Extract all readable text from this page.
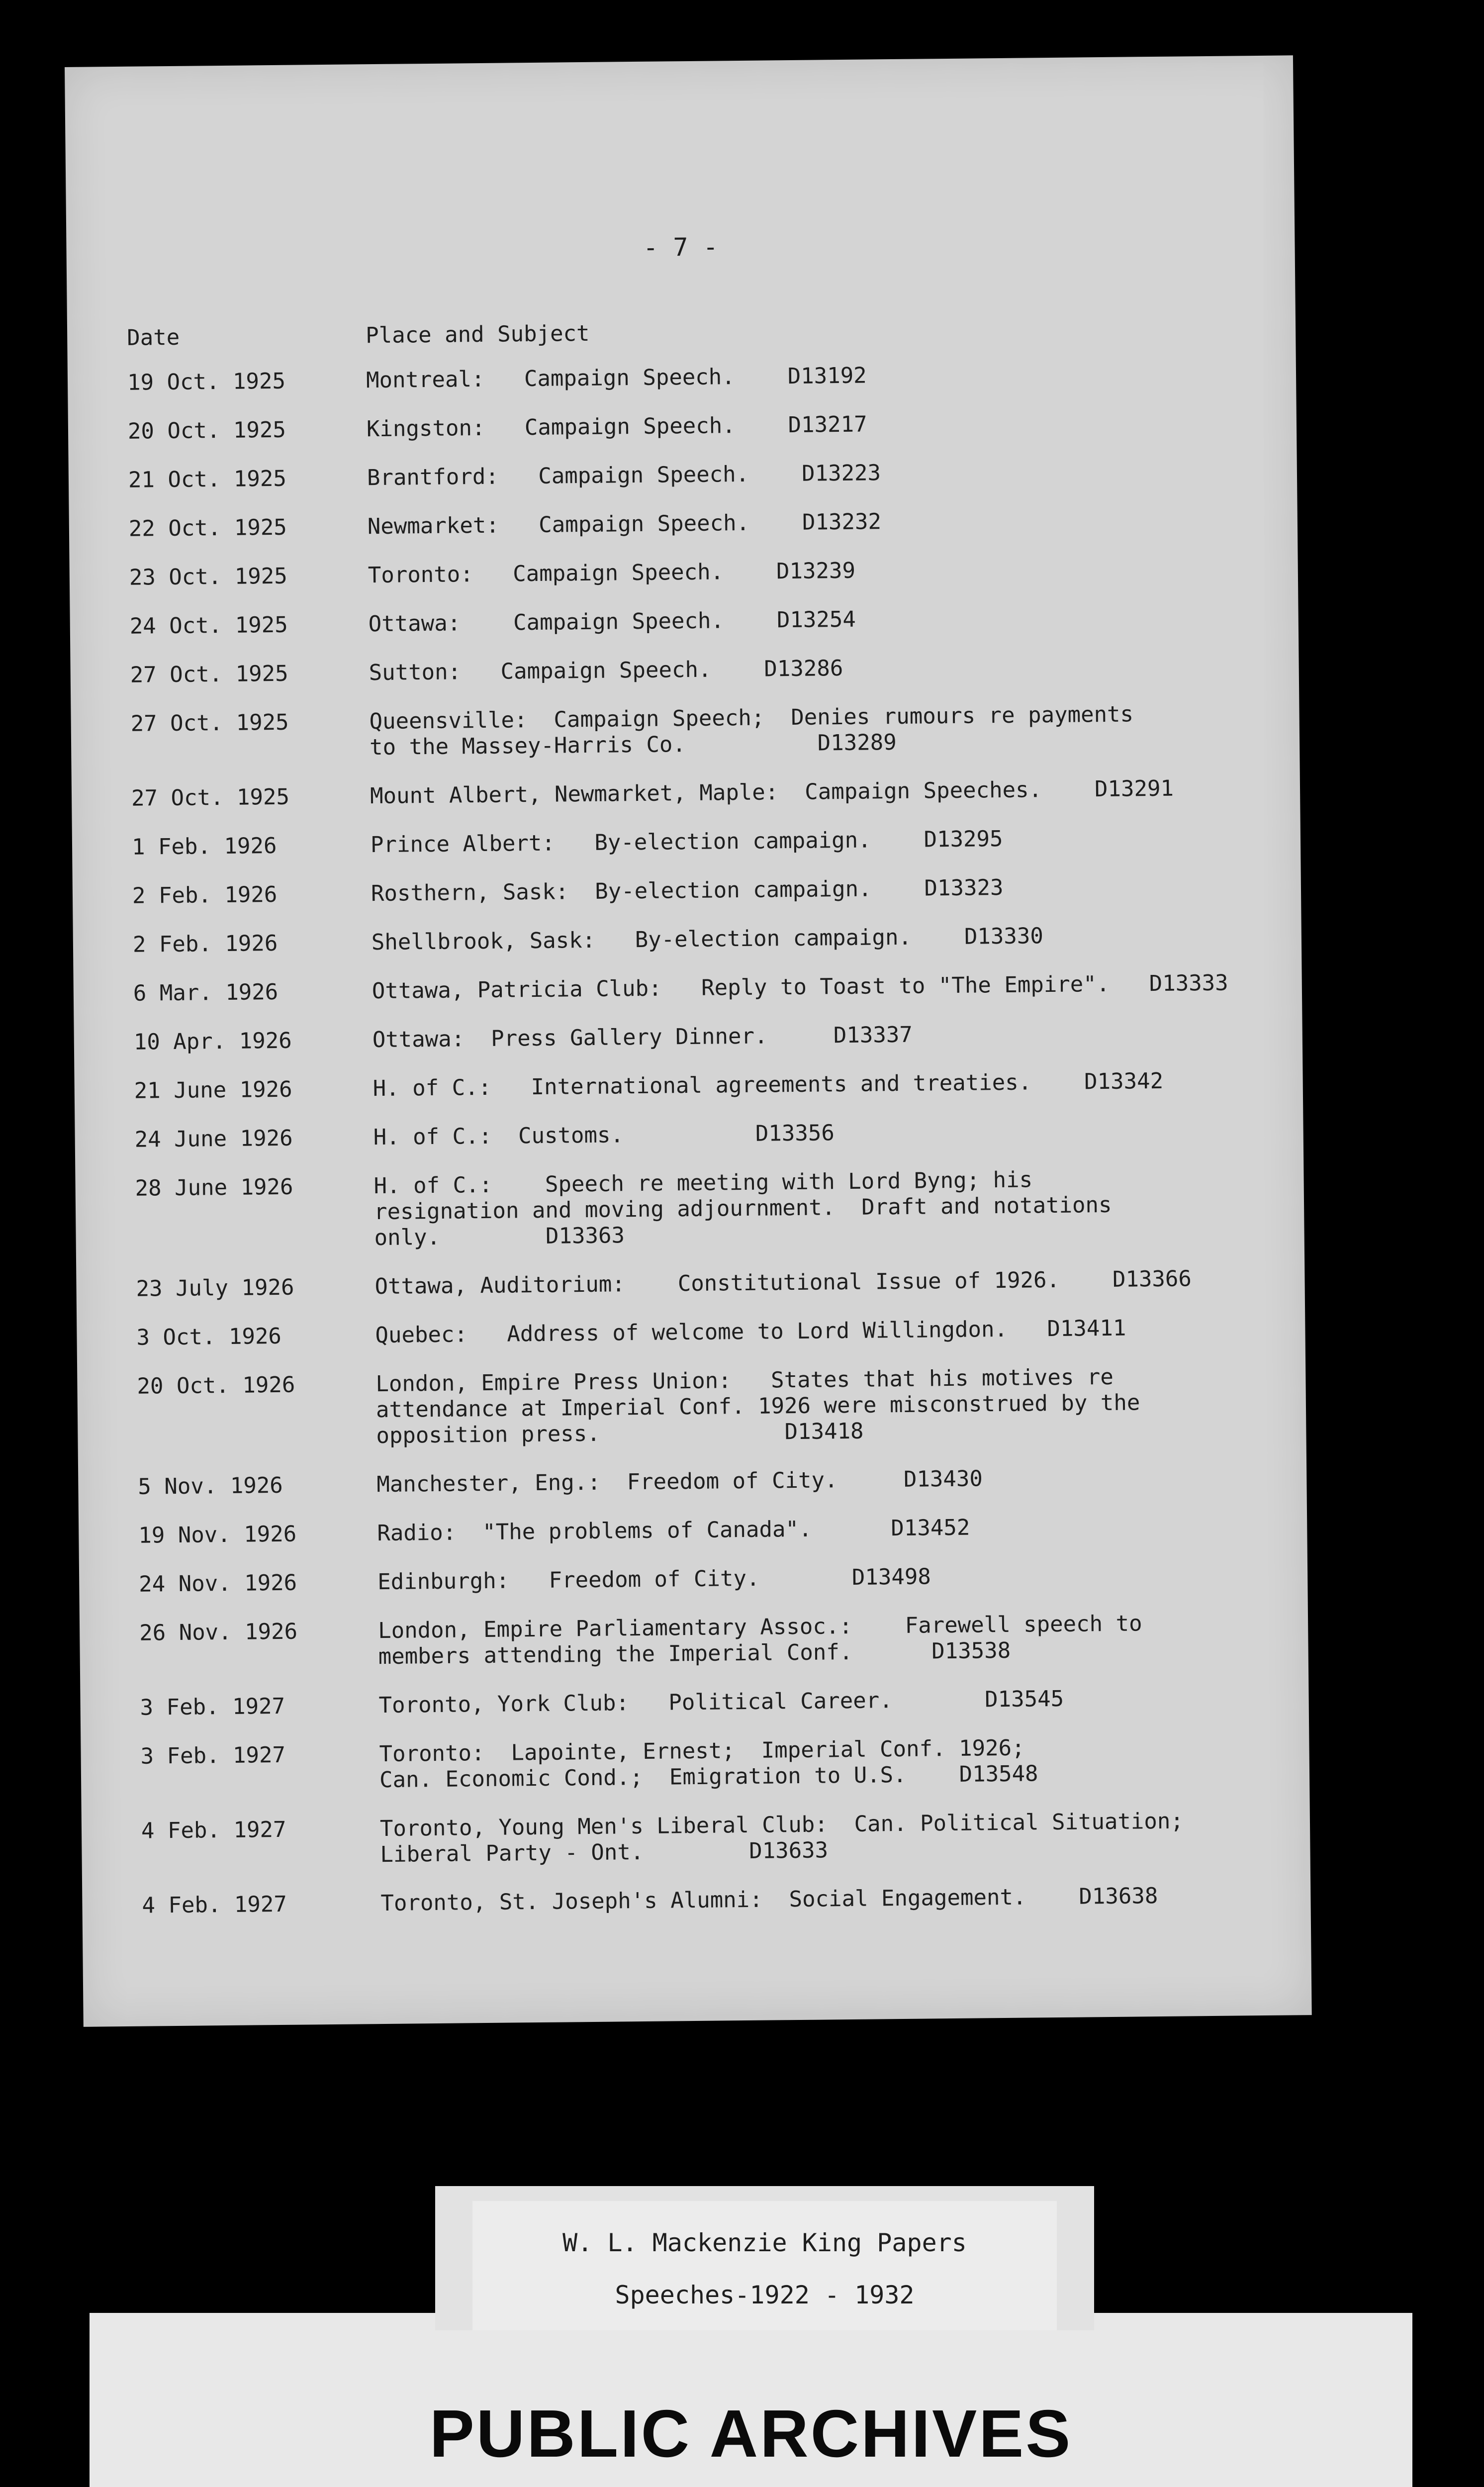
- 7 -
Date	Place and Subject
19 Oct. 1925	Montreal:   Campaign Speech.    D13192
20 Oct. 1925	Kingston:   Campaign Speech.    D13217
21 Oct. 1925	Brantford:   Campaign Speech.    D13223
22 Oct. 1925	Newmarket:   Campaign Speech.    D13232
23 Oct. 1925	Toronto:   Campaign Speech.    D13239
24 Oct. 1925	Ottawa:    Campaign Speech.    D13254
27 Oct. 1925	Sutton:   Campaign Speech.    D13286
27 Oct. 1925	Queensville:  Campaign Speech;  Denies rumours re payments
to the Massey-Harris Co.          D13289
27 Oct. 1925	Mount Albert, Newmarket, Maple:  Campaign Speeches.    D13291
1 Feb. 1926	Prince Albert:   By-election campaign.    D13295
2 Feb. 1926	Rosthern, Sask:  By-election campaign.    D13323
2 Feb. 1926	Shellbrook, Sask:   By-election campaign.    D13330
6 Mar. 1926	Ottawa, Patricia Club:   Reply to Toast to "The Empire".   D13333
10 Apr. 1926	Ottawa:  Press Gallery Dinner.     D13337
21 June 1926	H. of C.:   International agreements and treaties.    D13342
24 June 1926	H. of C.:  Customs.          D13356
28 June 1926	H. of C.:    Speech re meeting with Lord Byng; his
resignation and moving adjournment.  Draft and notations
only.        D13363
23 July 1926	Ottawa, Auditorium:    Constitutional Issue of 1926.    D13366
3 Oct. 1926	Quebec:   Address of welcome to Lord Willingdon.   D13411
20 Oct. 1926	London, Empire Press Union:   States that his motives re
attendance at Imperial Conf. 1926 were misconstrued by the
opposition press.              D13418
5 Nov. 1926	Manchester, Eng.:  Freedom of City.     D13430
19 Nov. 1926	Radio:  "The problems of Canada".      D13452
24 Nov. 1926	Edinburgh:   Freedom of City.       D13498
26 Nov. 1926	London, Empire Parliamentary Assoc.:    Farewell speech to
members attending the Imperial Conf.      D13538
3 Feb. 1927	Toronto, York Club:   Political Career.       D13545
3 Feb. 1927	Toronto:  Lapointe, Ernest;  Imperial Conf. 1926;
Can. Economic Cond.;  Emigration to U.S.    D13548
4 Feb. 1927	Toronto, Young Men's Liberal Club:  Can. Political Situation;
Liberal Party - Ont.        D13633
4 Feb. 1927	Toronto, St. Joseph's Alumni:  Social Engagement.    D13638
PUBLIC ARCHIVES
W. L. Mackenzie King Papers
Speeches-1922 - 1932
